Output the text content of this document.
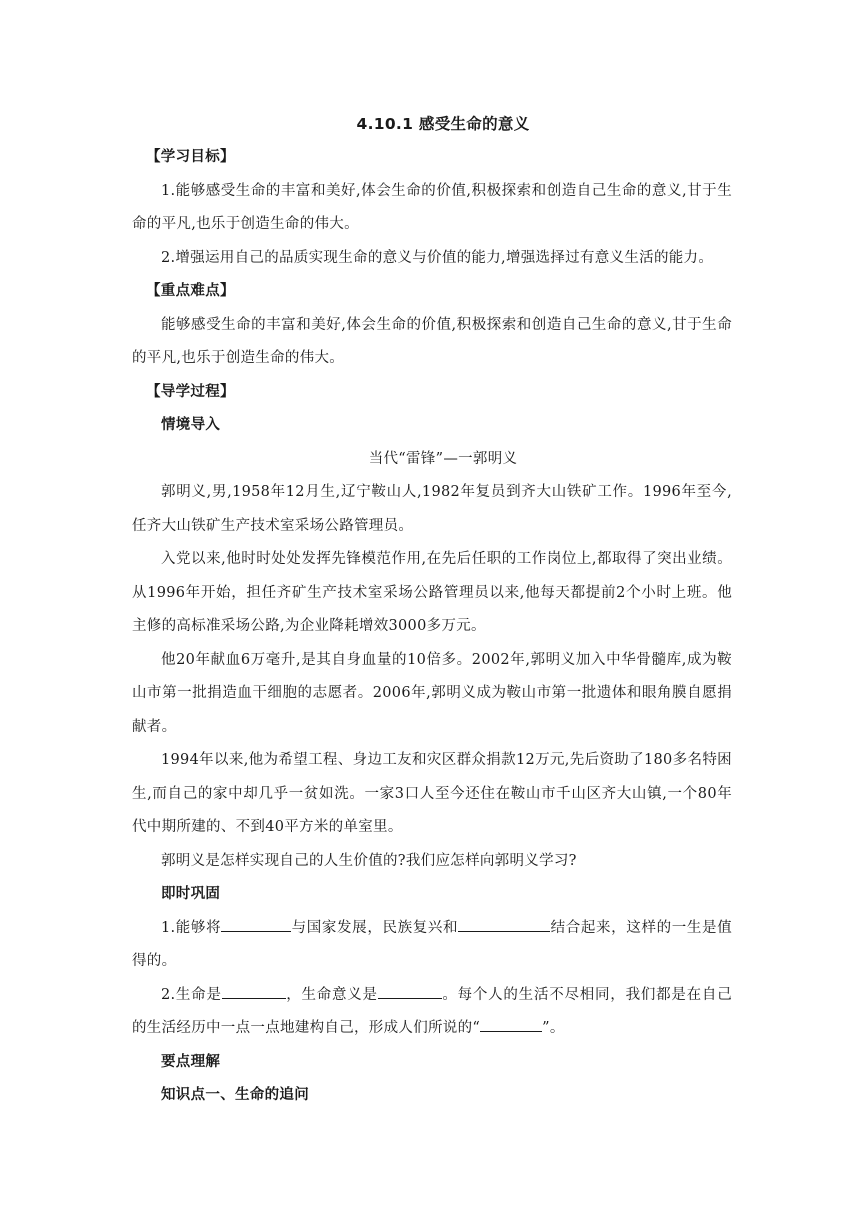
4.10.1 感受生命的意义

【学习目标】

1.能够感受生命的丰富和美好,体会生命的价值,积极探索和创造自己生命的意义,甘于生命的平凡,也乐于创造生命的伟大。

2.增强运用自己的品质实现生命的意义与价值的能力,增强选择过有意义生活的能力。

【重点难点】

能够感受生命的丰富和美好,体会生命的价值,积极探索和创造自己生命的意义,甘于生命的平凡,也乐于创造生命的伟大。

【导学过程】

情境导入

当代“雷锋”—一郭明义

郭明义,男,1958年12月生,辽宁鞍山人,1982年复员到齐大山铁矿工作。1996年至今,任齐大山铁矿生产技术室采场公路管理员。

入党以来,他时时处处发挥先锋模范作用,在先后任职的工作岗位上,都取得了突出业绩。从1996年开始，担任齐矿生产技术室采场公路管理员以来,他每天都提前2个小时上班。他主修的高标准采场公路,为企业降耗增效3000多万元。

他20年献血6万毫升,是其自身血量的10倍多。2002年,郭明义加入中华骨髓库,成为鞍山市第一批捐造血干细胞的志愿者。2006年,郭明义成为鞍山市第一批遗体和眼角膜自愿捐献者。

1994年以来,他为希望工程、身边工友和灾区群众捐款12万元,先后资助了180多名特困生,而自己的家中却几乎一贫如洗。一家3口人至今还住在鞍山市千山区齐大山镇,一个80年代中期所建的、不到40平方米的单室里。

郭明义是怎样实现自己的人生价值的?我们应怎样向郭明义学习?

即时巩固

1.能够将	与国家发展，民族复兴和	结合起来，这样的一生是值得的。

2.生命是	，生命意义是	。每个人的生活不尽相同，我们都是在自己的生活经历中一点一点地建构自己，形成人们所说的“	”。

要点理解

知识点一、生命的追问
